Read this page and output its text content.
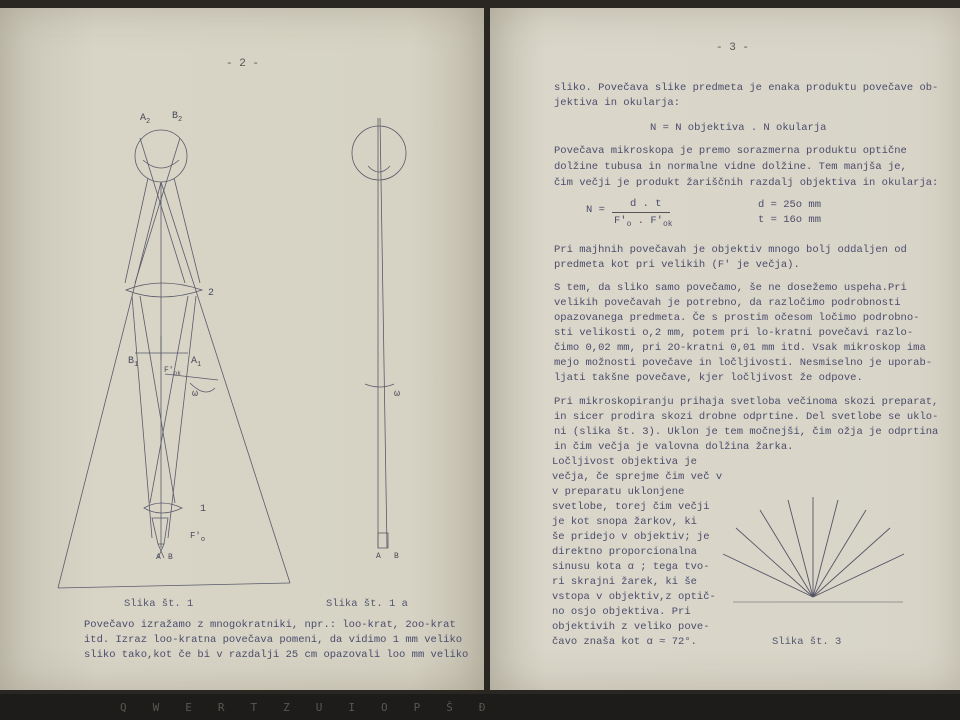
- 2 -
$A_2$ $B_2$
2
$B_1$	$A_1$
$F'_{ok}$
ω
1
$F'_o$
A B
ω
A B
Slika št. 1	Slika št. 1 a
Povečavo izražamo z mnogokratniki, npr.: loo-krat, 2oo-krat
itd. Izraz loo-kratna povečava pomeni, da vidimo 1 mm veliko
sliko tako,kot če bi v razdalji 25 cm opazovali loo mm veliko
- 3 -
sliko. Povečava slike predmeta je enaka produktu povečave ob-
jektiva in okularja:
N = N objektiva . N okularja
Povečava mikroskopa je premo sorazmerna produktu optične
dolžine tubusa in normalne vidne dolžine. Tem manjša je,
čim večji je produkt žariščnih razdalj objektiva in okularja:
N = d . t
$F'_o$ . $F'_{ok}$
d = 25o mm
t = 16o mm
Pri majhnih povečavah je objektiv mnogo bolj oddaljen od
predmeta kot pri velikih (F' je večja).
S tem, da sliko samo povečamo, še ne dosežemo uspeha.Pri
velikih povečavah je potrebno, da razločimo podrobnosti
opazovanega predmeta. Če s prostim očesom ločimo podrobno-
sti velikosti o,2 mm, potem pri lo-kratni povečavi razlo-
čimo 0,02 mm, pri 2O-kratni 0,01 mm itd. Vsak mikroskop ima
mejo možnosti povečave in ločljivosti. Nesmiselno je uporab-
ljati takšne povečave, kjer ločljivost že odpove.
Pri mikroskopiranju prihaja svetloba večinoma skozi preparat,
in sicer prodira skozi drobne odprtine. Del svetlobe se uklo-
ni (slika št. 3). Uklon je tem močnejši, čim ožja je odprtina
in čim večja je valovna dolžina žarka.
Ločljivost objektiva je
večja, če sprejme čim več v
v preparatu uklonjene
svetlobe, torej čim večji
je kot snopa žarkov, ki
še pridejo v objektiv; je
direktno proporcionalna
sinusu kota α ; tega tvo-
ri skrajni žarek, ki še
vstopa v objektiv,z optič-
no osjo objektiva. Pri
objektivih z veliko pove-
čavo znaša kot α ≈ 72°.	Slika št. 3
QWERTZUIOPŠĐ
